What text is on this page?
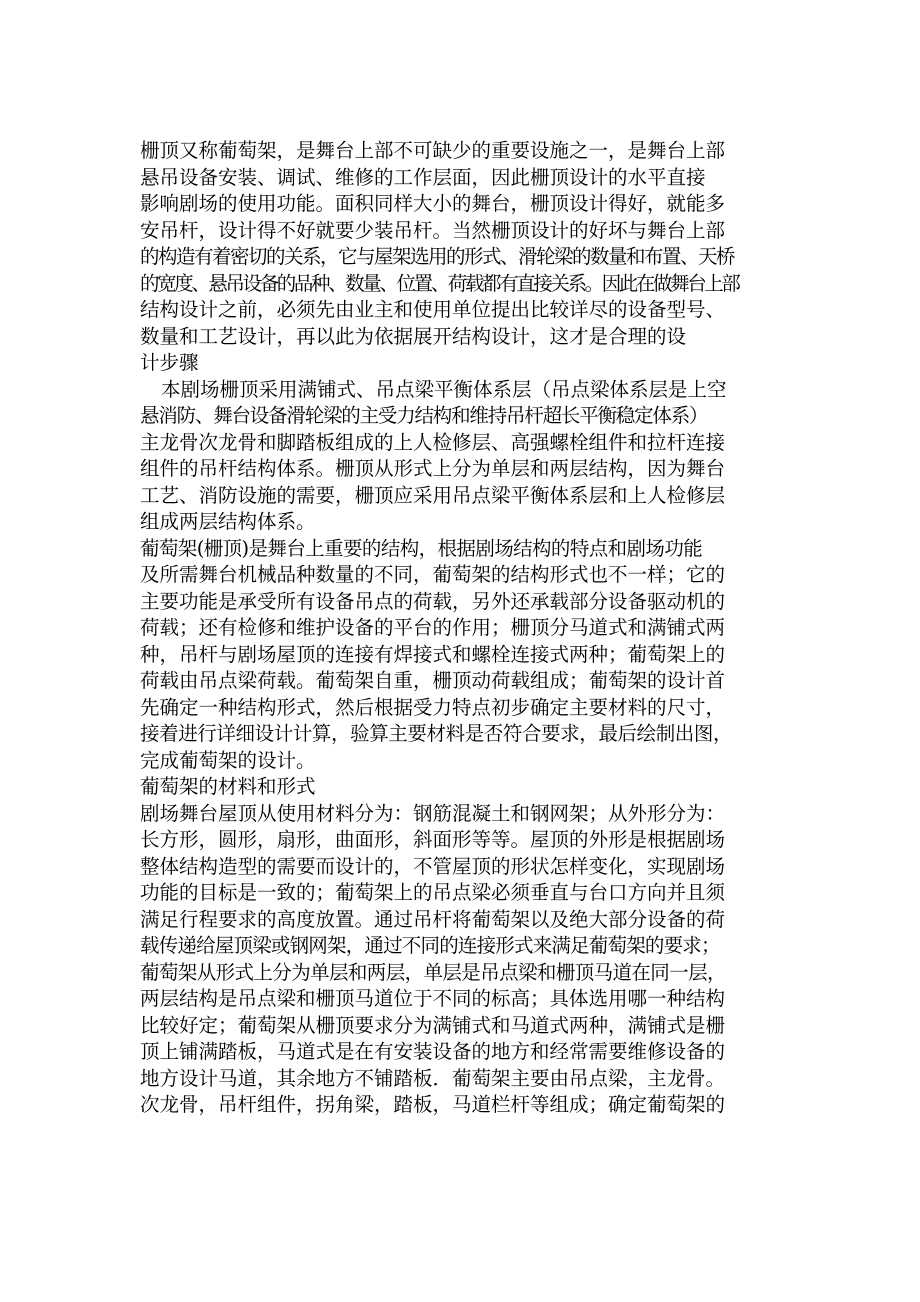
栅顶又称葡萄架，是舞台上部不可缺少的重要设施之一，是舞台上部
悬吊设备安装、调试、维修的工作层面，因此栅顶设计的水平直接
影响剧场的使用功能。面积同样大小的舞台，栅顶设计得好，就能多
安吊杆，设计得不好就要少装吊杆。当然栅顶设计的好坏与舞台上部
的构造有着密切的关系，它与屋架选用的形式、滑轮梁的数量和布置、天桥
的宽度、悬吊设备的品种、数量、位置、荷载都有直接关系。因此在做舞台上部
结构设计之前，必须先由业主和使用单位提出比较详尽的设备型号、
数量和工艺设计，再以此为依据展开结构设计，这才是合理的设
计步骤
本剧场栅顶采用满铺式、吊点梁平衡体系层（吊点梁体系层是上空
悬消防、舞台设备滑轮梁的主受力结构和维持吊杆超长平衡稳定体系）
主龙骨次龙骨和脚踏板组成的上人检修层、高强螺栓组件和拉杆连接
组件的吊杆结构体系。栅顶从形式上分为单层和两层结构，因为舞台
工艺、消防设施的需要，栅顶应采用吊点梁平衡体系层和上人检修层
组成两层结构体系。
葡萄架(栅顶)是舞台上重要的结构，根据剧场结构的特点和剧场功能
及所需舞台机械品种数量的不同，葡萄架的结构形式也不一样；它的
主要功能是承受所有设备吊点的荷载，另外还承载部分设备驱动机的
荷载；还有检修和维护设备的平台的作用；栅顶分马道式和满铺式两
种，吊杆与剧场屋顶的连接有焊接式和螺栓连接式两种；葡萄架上的
荷载由吊点梁荷载。葡萄架自重，栅顶动荷载组成；葡萄架的设计首
先确定一种结构形式，然后根据受力特点初步确定主要材料的尺寸，
接着进行详细设计计算，验算主要材料是否符合要求，最后绘制出图，
完成葡萄架的设计。
葡萄架的材料和形式
剧场舞台屋顶从使用材料分为：钢筋混凝土和钢网架；从外形分为：
长方形，圆形，扇形，曲面形，斜面形等等。屋顶的外形是根据剧场
整体结构造型的需要而设计的，不管屋顶的形状怎样变化，实现剧场
功能的目标是一致的；葡萄架上的吊点梁必须垂直与台口方向并且须
满足行程要求的高度放置。通过吊杆将葡萄架以及绝大部分设备的荷
载传递给屋顶梁或钢网架，通过不同的连接形式来满足葡萄架的要求；
葡萄架从形式上分为单层和两层，单层是吊点梁和栅顶马道在同一层，
两层结构是吊点梁和栅顶马道位于不同的标高；具体选用哪一种结构
比较好定；葡萄架从栅顶要求分为满铺式和马道式两种，满铺式是栅
顶上铺满踏板，马道式是在有安装设备的地方和经常需要维修设备的
地方设计马道，其余地方不铺踏板．葡萄架主要由吊点梁，主龙骨。
次龙骨，吊杆组件，拐角梁，踏板，马道栏杆等组成；确定葡萄架的
